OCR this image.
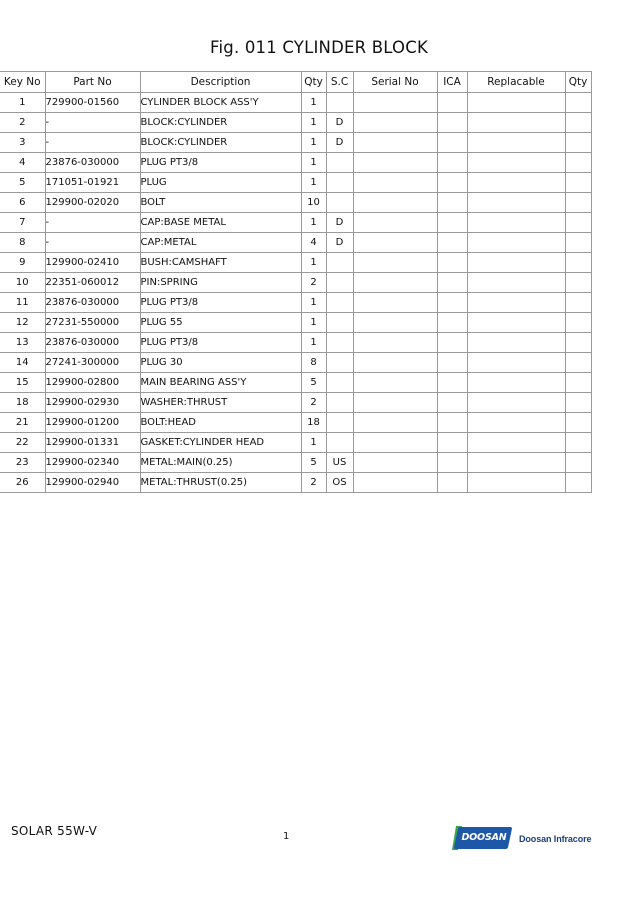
Fig. 011 CYLINDER BLOCK
Key No	Part No	Description	Qty	S.C	Serial No	ICA	Replacable	Qty
1	729900-01560	CYLINDER BLOCK ASS'Y	1					
2	-	BLOCK:CYLINDER	1	D				
3	-	BLOCK:CYLINDER	1	D				
4	23876-030000	PLUG PT3/8	1					
5	171051-01921	PLUG	1					
6	129900-02020	BOLT	10					
7	-	CAP:BASE METAL	1	D				
8	-	CAP:METAL	4	D				
9	129900-02410	BUSH:CAMSHAFT	1					
10	22351-060012	PIN:SPRING	2					
11	23876-030000	PLUG PT3/8	1					
12	27231-550000	PLUG 55	1					
13	23876-030000	PLUG PT3/8	1					
14	27241-300000	PLUG 30	8					
15	129900-02800	MAIN BEARING ASS'Y	5					
18	129900-02930	WASHER:THRUST	2					
21	129900-01200	BOLT:HEAD	18					
22	129900-01331	GASKET:CYLINDER HEAD	1					
23	129900-02340	METAL:MAIN(0.25)	5	US				
26	129900-02940	METAL:THRUST(0.25)	2	OS				
SOLAR 55W-V	1	DOOSAN	Doosan Infracore
